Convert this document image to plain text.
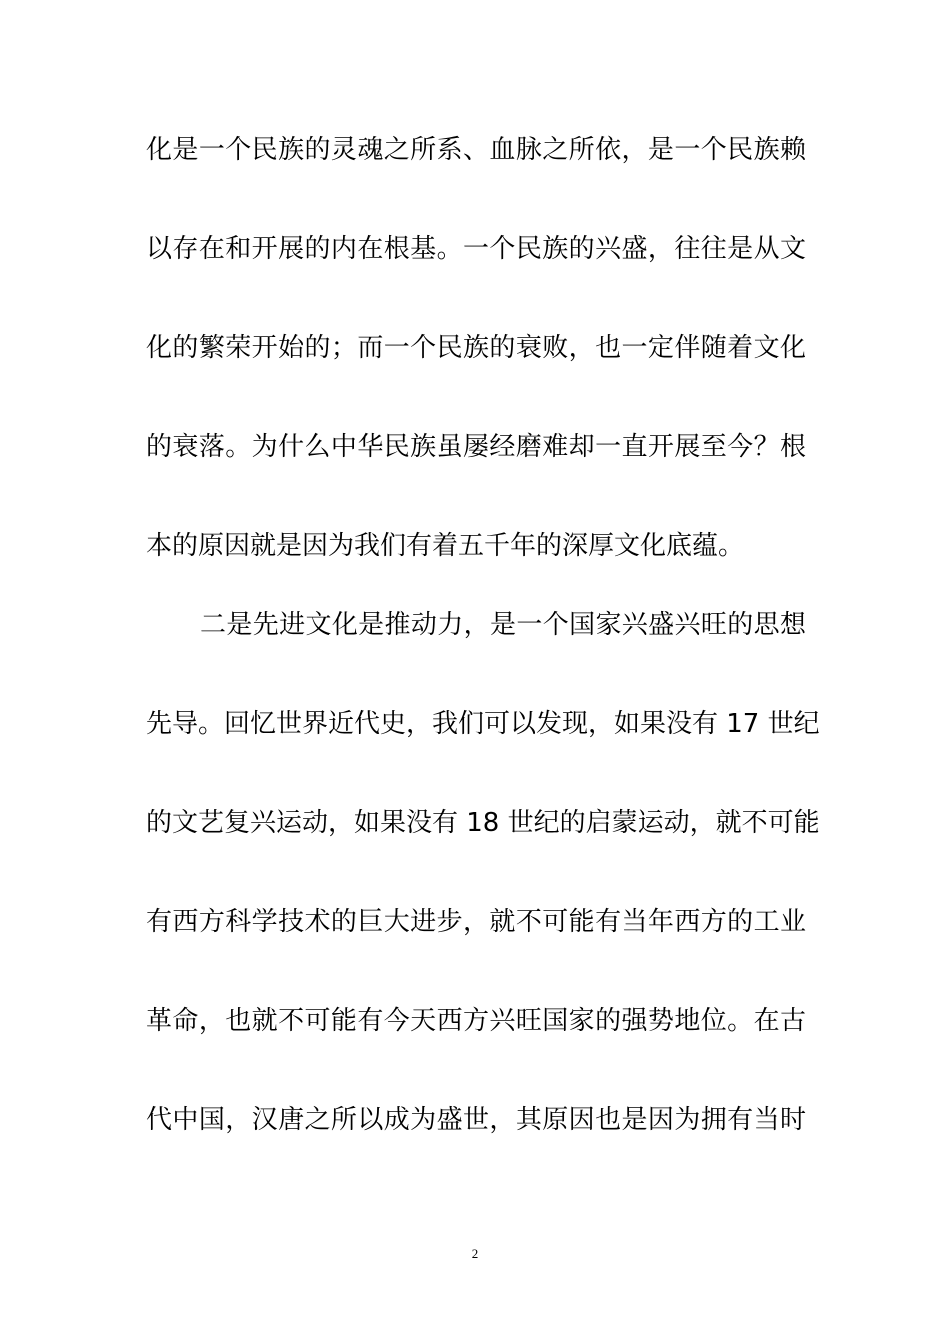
化是一个民族的灵魂之所系、血脉之所依，是一个民族赖
以存在和开展的内在根基。一个民族的兴盛，往往是从文
化的繁荣开始的；而一个民族的衰败，也一定伴随着文化
的衰落。为什么中华民族虽屡经磨难却一直开展至今？根
本的原因就是因为我们有着五千年的深厚文化底蕴。
二是先进文化是推动力，是一个国家兴盛兴旺的思想
先导。回忆世界近代史，我们可以发现，如果没有 17 世纪
的文艺复兴运动，如果没有 18 世纪的启蒙运动，就不可能
有西方科学技术的巨大进步，就不可能有当年西方的工业
革命，也就不可能有今天西方兴旺国家的强势地位。在古
代中国，汉唐之所以成为盛世，其原因也是因为拥有当时
2
